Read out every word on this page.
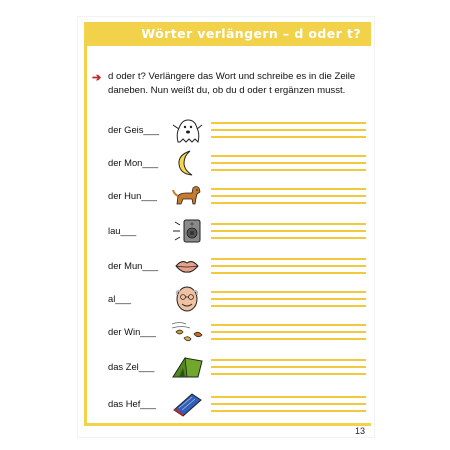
Wörter verlängern – d oder t?
➔ d oder t? Verlängere das Wort und schreibe es in die Zeile daneben. Nun weißt du, ob du d oder t ergänzen musst.
der Geis___
der Mon___
der Hun___
lau___
der Mun___
al___
der Win___
das Zel___
das Hef___
13
